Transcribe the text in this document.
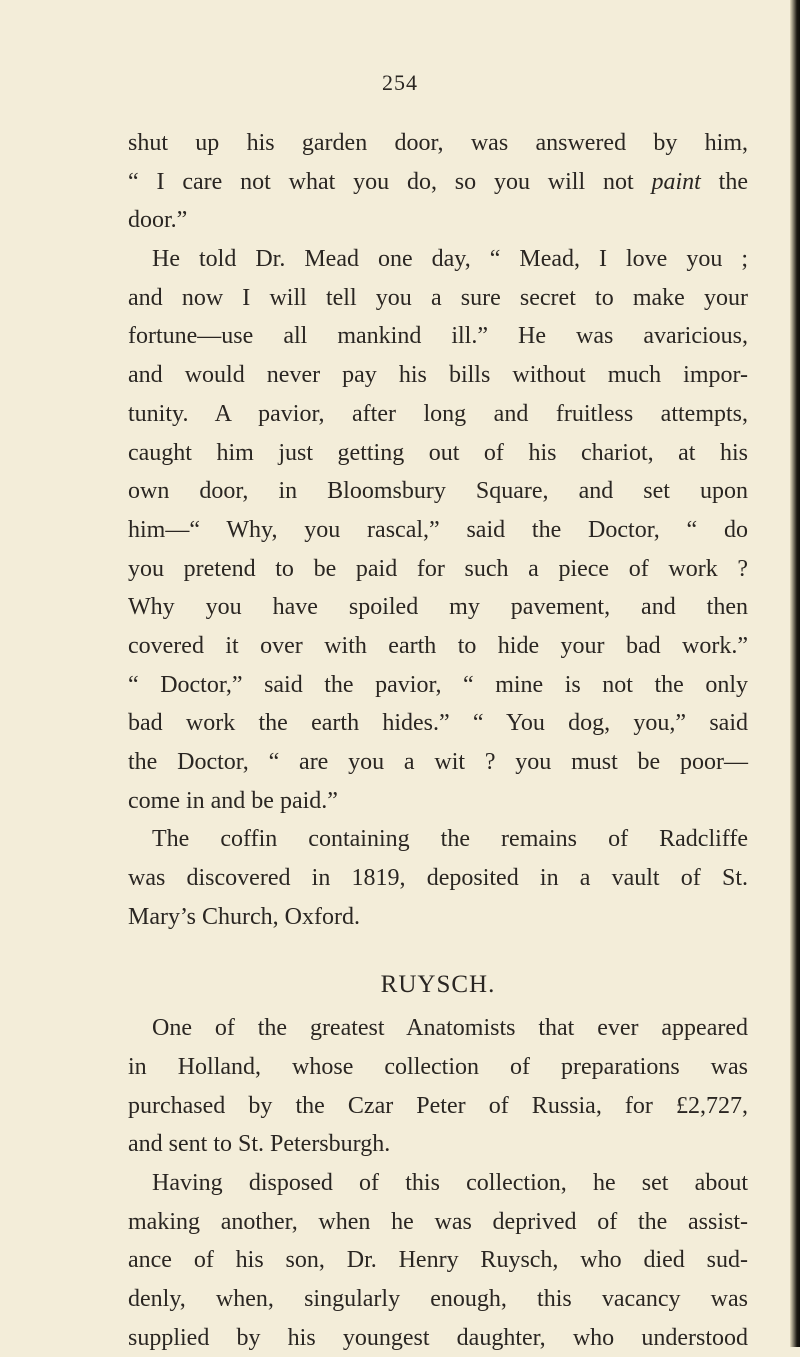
254
shut up his garden door, was answered by him,
“ I care not what you do, so you will not paint the
door.”
He told Dr. Mead one day, “ Mead, I love you ;
and now I will tell you a sure secret to make your
fortune—use all mankind ill.” He was avaricious,
and would never pay his bills without much impor-
tunity. A pavior, after long and fruitless attempts,
caught him just getting out of his chariot, at his
own door, in Bloomsbury Square, and set upon
him—“ Why, you rascal,” said the Doctor, “ do
you pretend to be paid for such a piece of work ?
Why you have spoiled my pavement, and then
covered it over with earth to hide your bad work.”
“ Doctor,” said the pavior, “ mine is not the only
bad work the earth hides.” “ You dog, you,” said
the Doctor, “ are you a wit ? you must be poor—
come in and be paid.”
The coffin containing the remains of Radcliffe
was discovered in 1819, deposited in a vault of St.
Mary’s Church, Oxford.
RUYSCH.
One of the greatest Anatomists that ever appeared
in Holland, whose collection of preparations was
purchased by the Czar Peter of Russia, for £2,727,
and sent to St. Petersburgh.
Having disposed of this collection, he set about
making another, when he was deprived of the assist-
ance of his son, Dr. Henry Ruysch, who died sud-
denly, when, singularly enough, this vacancy was
supplied by his youngest daughter, who understood
